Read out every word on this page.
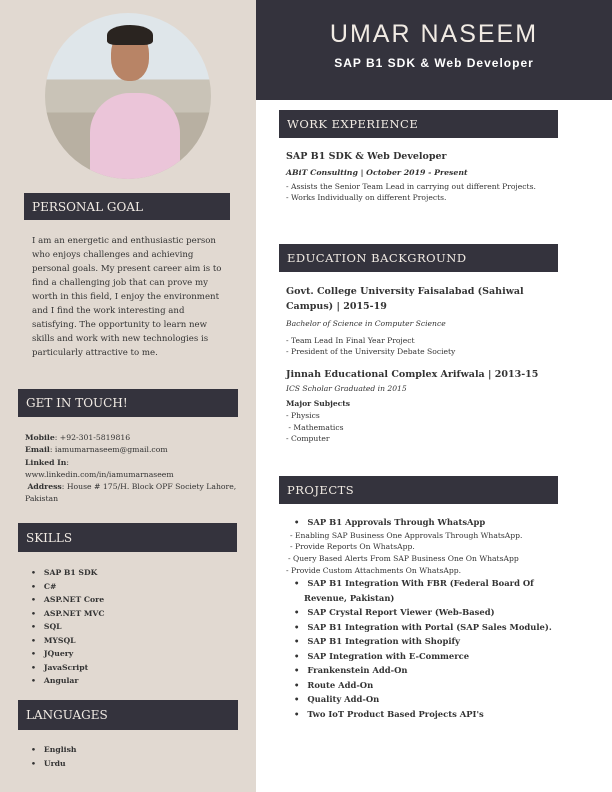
UMAR NASEEM
SAP B1 SDK & Web Developer
PERSONAL GOAL
I am an energetic and enthusiastic person who enjoys challenges and achieving personal goals. My present career aim is to find a challenging job that can prove my worth in this field, I enjoy the environment and I find the work interesting and satisfying. The opportunity to learn new skills and work with new technologies is particularly attractive to me.
GET IN TOUCH!
Mobile: +92-301-5819816
Email: iamumarnaseem@gmail.com
Linked In:
www.linkedin.com/in/iamumarnaseem
Address: House # 175/H. Block OPF Society Lahore, Pakistan
SKILLS
• SAP B1 SDK
• C#
• ASP.NET Core
• ASP.NET MVC
• SQL
• MYSQL
• JQuery
• JavaScript
• Angular
LANGUAGES
• English
• Urdu
WORK EXPERIENCE
SAP B1 SDK & Web Developer
ABiT Consulting | October 2019 - Present
- Assists the Senior Team Lead in carrying out different Projects.
- Works Individually on different Projects.
EDUCATION BACKGROUND
Govt. College University Faisalabad (Sahiwal Campus) | 2015-19
Bachelor of Science in Computer Science
- Team Lead In Final Year Project
- President of the University Debate Society
Jinnah Educational Complex Arifwala | 2013-15
ICS Scholar Graduated in 2015
Major Subjects
- Physics
- Mathematics
- Computer
PROJECTS
• SAP B1 Approvals Through WhatsApp
- Enabling SAP Business One Approvals Through WhatsApp.
- Provide Reports On WhatsApp.
- Query Based Alerts From SAP Business One On WhatsApp
- Provide Custom Attachments On WhatsApp.
• SAP B1 Integration With FBR (Federal Board Of Revenue, Pakistan)
• SAP Crystal Report Viewer (Web-Based)
• SAP B1 Integration with Portal (SAP Sales Module).
• SAP B1 Integration with Shopify
• SAP Integration with E-Commerce
• Frankenstein Add-On
• Route Add-On
• Quality Add-On
• Two IoT Product Based Projects API's
